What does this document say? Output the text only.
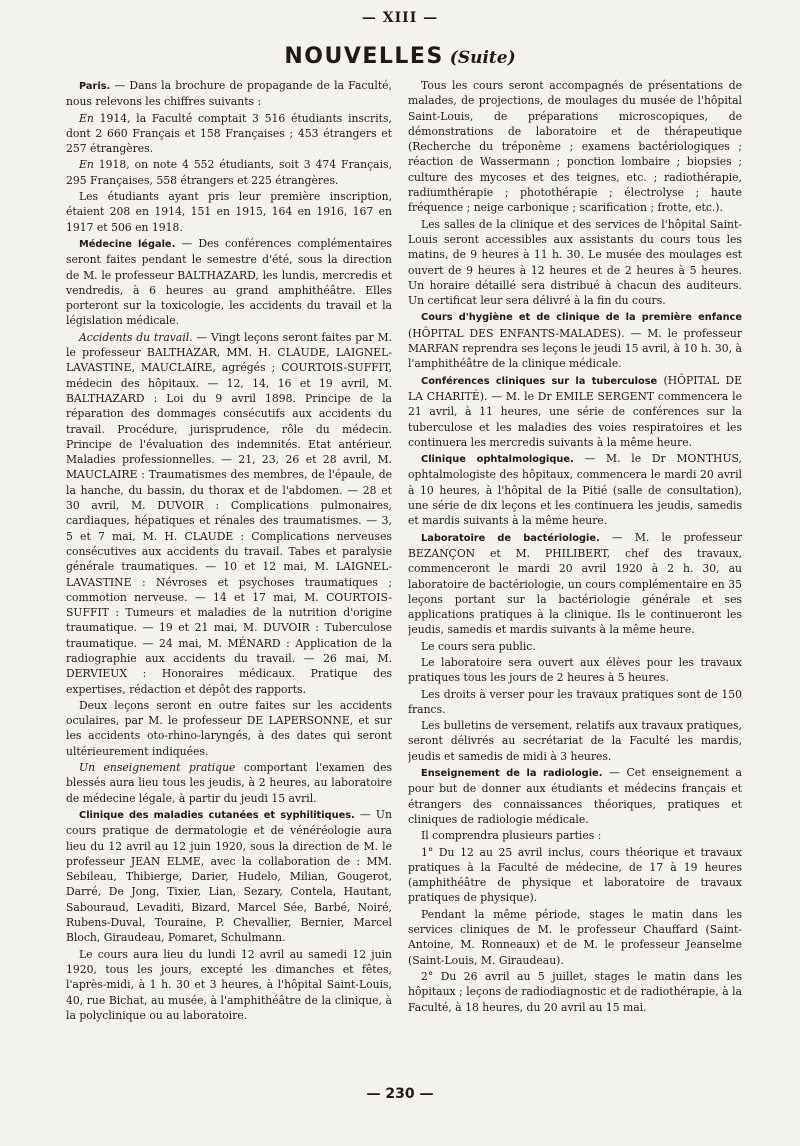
— XIII —
NOUVELLES (Suite)

Paris. — Dans la brochure de propagande de la Faculté, nous relevons les chiffres suivants :

En 1914, la Faculté comptait 3 516 étudiants inscrits, dont 2 660 Français et 158 Françaises ; 453 étrangers et 257 étrangères.

En 1918, on note 4 552 étudiants, soit 3 474 Français, 295 Françaises, 558 étrangers et 225 étrangères.

Les étudiants ayant pris leur première inscription, étaient 208 en 1914, 151 en 1915, 164 en 1916, 167 en 1917 et 506 en 1918.

Médecine légale. — Des conférences complémentaires seront faites pendant le semestre d'été, sous la direction de M. le professeur BALTHAZARD, les lundis, mercredis et vendredis, à 6 heures au grand amphithéâtre. Elles porteront sur la toxicologie, les accidents du travail et la législation médicale.

Accidents du travail. — Vingt leçons seront faites par M. le professeur BALTHAZAR, MM. H. CLAUDE, LAIGNEL-LAVASTINE, MAUCLAIRE, agrégés ; COURTOIS-SUFFIT, médecin des hôpitaux. — 12, 14, 16 et 19 avril, M. BALTHAZARD : Loi du 9 avril 1898. Principe de la réparation des dommages consécutifs aux accidents du travail. Procédure, jurisprudence, rôle du médecin. Principe de l'évaluation des indemnités. Etat antérieur. Maladies professionnelles. — 21, 23, 26 et 28 avril, M. MAUCLAIRE : Traumatismes des membres, de l'épaule, de la hanche, du bassin, du thorax et de l'abdomen. — 28 et 30 avril, M. DUVOIR : Complications pulmonaires, cardiaques, hépatiques et rénales des traumatismes. — 3, 5 et 7 mai, M. H. CLAUDE : Complications nerveuses consécutives aux accidents du travail. Tabes et paralysie générale traumatiques. — 10 et 12 mai, M. LAIGNEL-LAVASTINE : Névroses et psychoses traumatiques ; commotion nerveuse. — 14 et 17 mai, M. COURTOIS-SUFFIT : Tumeurs et maladies de la nutrition d'origine traumatique. — 19 et 21 mai, M. DUVOIR : Tuberculose traumatique. — 24 mai, M. MÉNARD : Application de la radiographie aux accidents du travail. — 26 mai, M. DERVIEUX : Honoraires médicaux. Pratique des expertises, rédaction et dépôt des rapports.

Deux leçons seront en outre faites sur les accidents oculaires, par M. le professeur DE LAPERSONNE, et sur les accidents oto-rhino-laryngés, à des dates qui seront ultérieurement indiquées.

Un enseignement pratique comportant l'examen des blessés aura lieu tous les jeudis, à 2 heures, au laboratoire de médecine légale, à partir du jeudi 15 avril.

Clinique des maladies cutanées et syphilitiques. — Un cours pratique de dermatologie et de vénéréologie aura lieu du 12 avril au 12 juin 1920, sous la direction de M. le professeur JEAN ELME, avec la collaboration de : MM. Sebileau, Thibierge, Darier, Hudelo, Milian, Gougerot, Darré, De Jong, Tixier, Lian, Sezary, Contela, Hautant, Sabouraud, Levaditi, Bizard, Marcel Sée, Barbé, Noiré, Rubens-Duval, Touraine, P. Chevallier, Bernier, Marcel Bloch, Giraudeau, Pomaret, Schulmann.

Le cours aura lieu du lundi 12 avril au samedi 12 juin 1920, tous les jours, excepté les dimanches et fêtes, l'après-midi, à 1 h. 30 et 3 heures, à l'hôpital Saint-Louis, 40, rue Bichat, au musée, à l'amphithéâtre de la clinique, à la polyclinique ou au laboratoire.

Tous les cours seront accompagnés de présentations de malades, de projections, de moulages du musée de l'hôpital Saint-Louis, de préparations microscopiques, de démonstrations de laboratoire et de thérapeutique (Recherche du tréponème ; examens bactériologiques ; réaction de Wassermann ; ponction lombaire ; biopsies ; culture des mycoses et des teignes, etc. ; radiothérapie, radiumthérapie ; photothérapie ; électrolyse ; haute fréquence ; neige carbonique ; scarification ; frotte, etc.).

Les salles de la clinique et des services de l'hôpital Saint-Louis seront accessibles aux assistants du cours tous les matins, de 9 heures à 11 h. 30. Le musée des moulages est ouvert de 9 heures à 12 heures et de 2 heures à 5 heures. Un horaire détaillé sera distribué à chacun des auditeurs. Un certificat leur sera délivré à la fin du cours.

Cours d'hygiène et de clinique de la première enfance (HÔPITAL DES ENFANTS-MALADES). — M. le professeur MARFAN reprendra ses leçons le jeudi 15 avril, à 10 h. 30, à l'amphithéâtre de la clinique médicale.

Conférences cliniques sur la tuberculose (HÔPITAL DE LA CHARITÉ). — M. le Dr EMILE SERGENT commencera le 21 avril, à 11 heures, une série de conférences sur la tuberculose et les maladies des voies respiratoires et les continuera les mercredis suivants à la même heure.

Clinique ophtalmologique. — M. le Dr MONTHUS, ophtalmologiste des hôpitaux, commencera le mardi 20 avril à 10 heures, à l'hôpital de la Pitié (salle de consultation), une série de dix leçons et les continuera les jeudis, samedis et mardis suivants à la même heure.

Laboratoire de bactériologie. — M. le professeur BEZANÇON et M. PHILIBERT, chef des travaux, commenceront le mardi 20 avril 1920 à 2 h. 30, au laboratoire de bactériologie, un cours complémentaire en 35 leçons portant sur la bactériologie générale et ses applications pratiques à la clinique. Ils le continueront les jeudis, samedis et mardis suivants à la même heure.

Le cours sera public.

Le laboratoire sera ouvert aux élèves pour les travaux pratiques tous les jours de 2 heures à 5 heures.

Les droits à verser pour les travaux pratiques sont de 150 francs.

Les bulletins de versement, relatifs aux travaux pratiques, seront délivrés au secrétariat de la Faculté les mardis, jeudis et samedis de midi à 3 heures.

Enseignement de la radiologie. — Cet enseignement a pour but de donner aux étudiants et médecins français et étrangers des connaissances théoriques, pratiques et cliniques de radiologie médicale.

Il comprendra plusieurs parties :

1° Du 12 au 25 avril inclus, cours théorique et travaux pratiques à la Faculté de médecine, de 17 à 19 heures (amphithéâtre de physique et laboratoire de travaux pratiques de physique).

Pendant la même période, stages le matin dans les services cliniques de M. le professeur Chauffard (Saint-Antoine, M. Ronneaux) et de M. le professeur Jeanselme (Saint-Louis, M. Giraudeau).

2° Du 26 avril au 5 juillet, stages le matin dans les hôpitaux ; leçons de radiodiagnostic et de radiothérapie, à la Faculté, à 18 heures, du 20 avril au 15 mai.

— 230 —
